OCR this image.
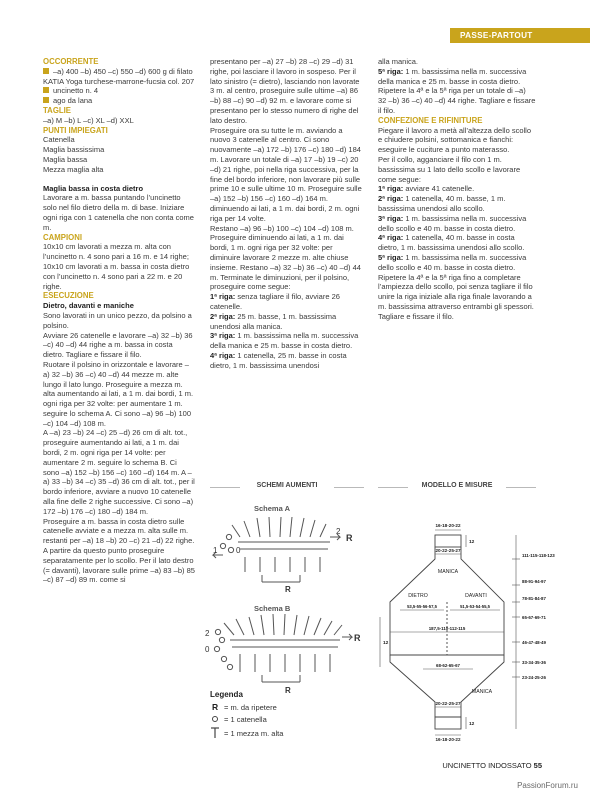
PASSE-PARTOUT

OCCORRENTE

–a) 400 –b) 450 –c) 550 –d) 600 g di filato KATIA Yoga turchese-marrone-fucsia col. 207

uncinetto n. 4

ago da lana

TAGLIE

–a) M –b) L –c) XL –d) XXL

PUNTI IMPIEGATI

Catenella

Maglia bassissima

Maglia bassa

Mezza maglia alta

Maglia bassa in costa dietro

Lavorare a m. bassa puntando l’uncinetto solo nel filo dietro della m. di base. Iniziare ogni riga con 1 catenella che non conta come m.

CAMPIONI

10x10 cm lavorati a mezza m. alta con l’uncinetto n. 4 sono pari a 16 m. e 14 righe;

10x10 cm lavorati a m. bassa in costa dietro con l’uncinetto n. 4 sono pari a 22 m. e 20 righe.

ESECUZIONE

Dietro, davanti e maniche

Sono lavorati in un unico pezzo, da polsino a polsino.

Avviare 26 catenelle e lavorare –a) 32 –b) 36 –c) 40 –d) 44 righe a m. bassa in costa dietro. Tagliare e fissare il filo.

Ruotare il polsino in orizzontale e lavorare –a) 32 –b) 36 –c) 40 –d) 44 mezze m. alte lungo il lato lungo. Proseguire a mezza m. alta aumentando ai lati, a 1 m. dai bordi, 1 m. ogni riga per 32 volte: per aumentare 1 m. seguire lo schema A. Ci sono –a) 96 –b) 100 –c) 104 –d) 108 m.

A –a) 23 –b) 24 –c) 25 –d) 26 cm di alt. tot., proseguire aumentando ai lati, a 1 m. dai bordi, 2 m. ogni riga per 14 volte: per aumentare 2 m. seguire lo schema B. Ci sono –a) 152 –b) 156 –c) 160 –d) 164 m. A –a) 33 –b) 34 –c) 35 –d) 36 cm di alt. tot., per il bordo inferiore, avviare a nuovo 10 catenelle alla fine delle 2 righe successive. Ci sono –a) 172 –b) 176 –c) 180 –d) 184 m.

Proseguire a m. bassa in costa dietro sulle catenelle avviate e a mezza m. alta sulle m. restanti per –a) 18 –b) 20 –c) 21 –d) 22 righe.

A partire da questo punto proseguire separatamente per lo scollo. Per il lato destro (= davanti), lavorare sulle prime –a) 83 –b) 85 –c) 87 –d) 89 m. come si

presentano per –a) 27 –b) 28 –c) 29 –d) 31 righe, poi lasciare il lavoro in sospeso. Per il lato sinistro (= dietro), lasciando non lavorate 3 m. al centro, proseguire sulle ultime –a) 86 –b) 88 –c) 90 –d) 92 m. e lavorare come si presentano per lo stesso numero di righe del lato destro.

Proseguire ora su tutte le m. avviando a nuovo 3 catenelle al centro. Ci sono nuovamente –a) 172 –b) 176 –c) 180 –d) 184 m. Lavorare un totale di –a) 17 –b) 19 –c) 20 –d) 21 righe, poi nella riga successiva, per la fine del bordo inferiore, non lavorare più sulle prime 10 e sulle ultime 10 m. Proseguire sulle –a) 152 –b) 156 –c) 160 –d) 164 m. diminuendo ai lati, a 1 m. dai bordi, 2 m. ogni riga per 14 volte.

Restano –a) 96 –b) 100 –c) 104 –d) 108 m. Proseguire diminuendo ai lati, a 1 m. dai bordi, 1 m. ogni riga per 32 volte: per diminuire lavorare 2 mezze m. alte chiuse insieme. Restano –a) 32 –b) 36 –c) 40 –d) 44 m. Terminate le diminuzioni, per il polsino, proseguire come segue:

1ª riga: senza tagliare il filo, avviare 26 catenelle.

2ª riga: 25 m. basse, 1 m. bassissima unendosi alla manica.

3ª riga: 1 m. bassissima nella m. successiva della manica e 25 m. basse in costa dietro.

4ª riga: 1 catenella, 25 m. basse in costa dietro, 1 m. bassissima unendosi

alla manica.

5ª riga: 1 m. bassissima nella m. successiva della manica e 25 m. basse in costa dietro.

Ripetere la 4ª e la 5ª riga per un totale di –a) 32 –b) 36 –c) 40 –d) 44 righe. Tagliare e fissare il filo.

CONFEZIONE E RIFINITURE

Piegare il lavoro a metà all’altezza dello scollo e chiudere polsini, sottomanica e fianchi: eseguire le cuciture a punto materasso.

Per il collo, agganciare il filo con 1 m. bassissima su 1 lato dello scollo e lavorare come segue:

1ª riga: avviare 41 catenelle.

2ª riga: 1 catenella, 40 m. basse, 1 m. bassissima unendosi allo scollo.

3ª riga: 1 m. bassissima nella m. successiva dello scollo e 40 m. basse in costa dietro.

4ª riga: 1 catenella, 40 m. basse in costa dietro, 1 m. bassissima unendosi allo scollo.

5ª riga: 1 m. bassissima nella m. successiva dello scollo e 40 m. basse in costa dietro.

Ripetere la 4ª e la 5ª riga fino a completare l’ampiezza dello scollo, poi senza tagliare il filo unire la riga iniziale alla riga finale lavorando a m. bassissima attraverso entrambi gli spessori. Tagliare e fissare il filo.

SCHEMI AUMENTI
Schema A
2
R
1 0
R
Schema B
2
0
R
R
Legenda
R = m. da ripetere
= 1 catenella
= 1 mezza m. alta
MODELLO E MISURE
16-18-20-22
20-22-25-27
12
MANICA
DIETRO	DAVANTI
53,5-55-56-57,5	51,5-53-54-55,5
187,5-110-112-115
12
68-62-65-67
MANICA
20-22-25-27
12
16-18-20-22
111-115-118-123
88-91-94-97
78-81-84-87
65-67-69-71
46-47-48-49
33-34-35-36
23-24-25-26
UNCINETTO INDOSSATO 55
PassionForum.ru
